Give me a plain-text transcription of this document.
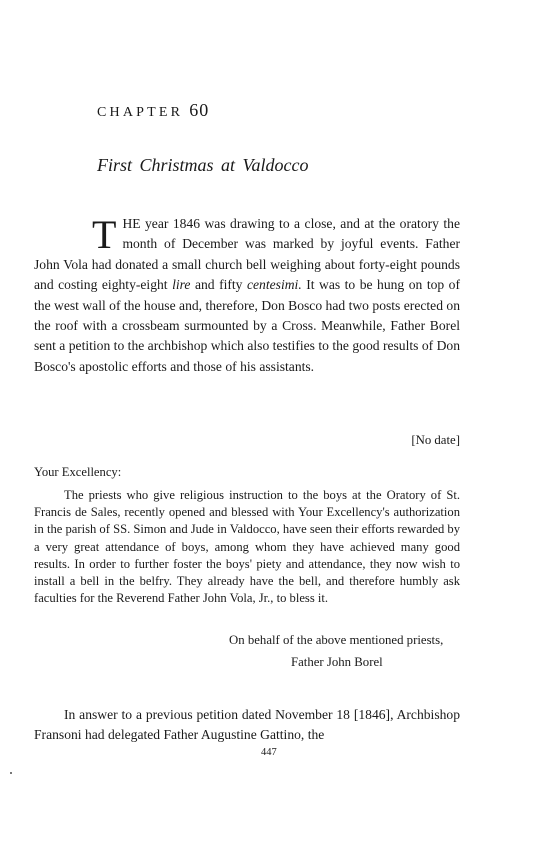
CHAPTER 60
First Christmas at Valdocco
THE year 1846 was drawing to a close, and at the oratory the month of December was marked by joyful events. Father John Vola had donated a small church bell weighing about forty-eight pounds and costing eighty-eight lire and fifty centesimi. It was to be hung on top of the west wall of the house and, therefore, Don Bosco had two posts erected on the roof with a crossbeam surmounted by a Cross. Meanwhile, Father Borel sent a petition to the archbishop which also testifies to the good results of Don Bosco's apostolic efforts and those of his assistants.
[No date]
Your Excellency:
The priests who give religious instruction to the boys at the Oratory of St. Francis de Sales, recently opened and blessed with Your Excellency's authorization in the parish of SS. Simon and Jude in Valdocco, have seen their efforts rewarded by a very great attendance of boys, among whom they have achieved many good results. In order to further foster the boys' piety and attendance, they now wish to install a bell in the belfry. They already have the bell, and therefore humbly ask faculties for the Reverend Father John Vola, Jr., to bless it.
On behalf of the above mentioned priests,
Father John Borel
In answer to a previous petition dated November 18 [1846], Archbishop Fransoni had delegated Father Augustine Gattino, the
447
